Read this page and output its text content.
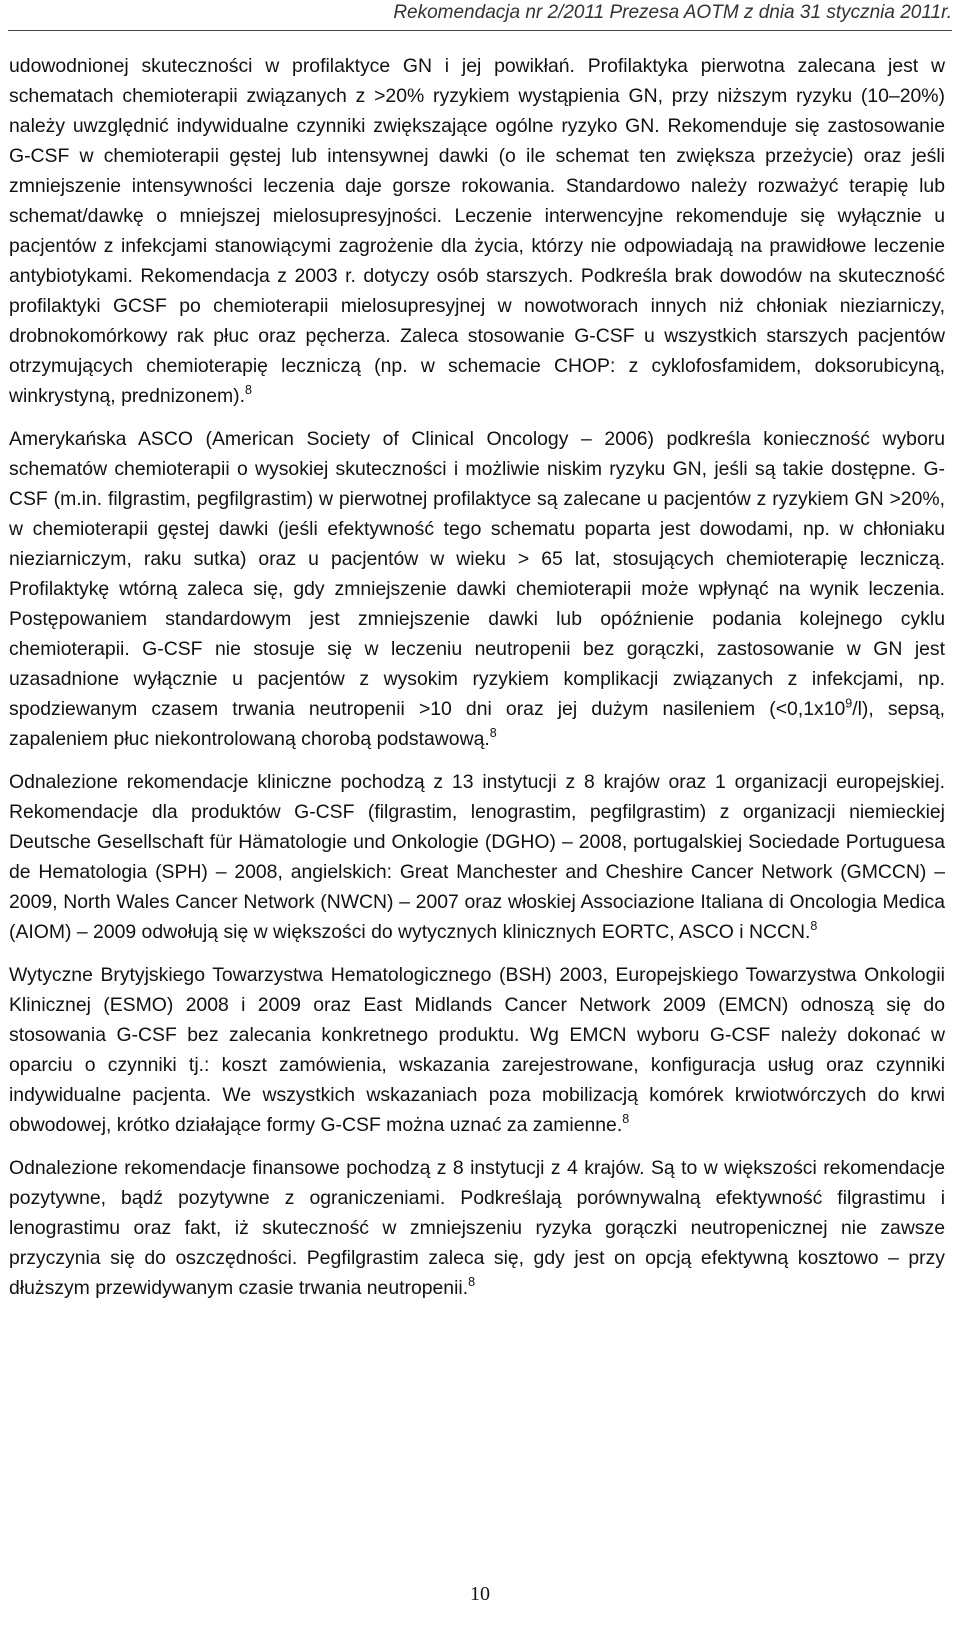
Rekomendacja nr 2/2011 Prezesa AOTM z dnia 31 stycznia 2011r.

udowodnionej skuteczności w profilaktyce GN i jej powikłań. Profilaktyka pierwotna zalecana jest w schematach chemioterapii związanych z >20% ryzykiem wystąpienia GN, przy niższym ryzyku (10–20%) należy uwzględnić indywidualne czynniki zwiększające ogólne ryzyko GN. Rekomenduje się zastosowanie G-CSF w chemioterapii gęstej lub intensywnej dawki (o ile schemat ten zwiększa przeżycie) oraz jeśli zmniejszenie intensywności leczenia daje gorsze rokowania. Standardowo należy rozważyć terapię lub schemat/dawkę o mniejszej mielosupresyjności. Leczenie interwencyjne rekomenduje się wyłącznie u pacjentów z infekcjami stanowiącymi zagrożenie dla życia, którzy nie odpowiadają na prawidłowe leczenie antybiotykami. Rekomendacja z 2003 r. dotyczy osób starszych. Podkreśla brak dowodów na skuteczność profilaktyki GCSF po chemioterapii mielosupresyjnej w nowotworach innych niż chłoniak nieziarniczy, drobnokomórkowy rak płuc oraz pęcherza. Zaleca stosowanie G-CSF u wszystkich starszych pacjentów otrzymujących chemioterapię leczniczą (np. w schemacie CHOP: z cyklofosfamidem, doksorubicyną, winkrystyną, prednizonem).$^8$

Amerykańska ASCO (American Society of Clinical Oncology – 2006) podkreśla konieczność wyboru schematów chemioterapii o wysokiej skuteczności i możliwie niskim ryzyku GN, jeśli są takie dostępne. G-CSF (m.in. filgrastim, pegfilgrastim) w pierwotnej profilaktyce są zalecane u pacjentów z ryzykiem GN >20%, w chemioterapii gęstej dawki (jeśli efektywność tego schematu poparta jest dowodami, np. w chłoniaku nieziarniczym, raku sutka) oraz u pacjentów w wieku > 65 lat, stosujących chemioterapię leczniczą. Profilaktykę wtórną zaleca się, gdy zmniejszenie dawki chemioterapii może wpłynąć na wynik leczenia. Postępowaniem standardowym jest zmniejszenie dawki lub opóźnienie podania kolejnego cyklu chemioterapii. G-CSF nie stosuje się w leczeniu neutropenii bez gorączki, zastosowanie w GN jest uzasadnione wyłącznie u pacjentów z wysokim ryzykiem komplikacji związanych z infekcjami, np. spodziewanym czasem trwania neutropenii >10 dni oraz jej dużym nasileniem $(<0,1x10^9/l)$, sepsą, zapaleniem płuc niekontrolowaną chorobą podstawową.$^8$

Odnalezione rekomendacje kliniczne pochodzą z 13 instytucji z 8 krajów oraz 1 organizacji europejskiej. Rekomendacje dla produktów G-CSF (filgrastim, lenograstim, pegfilgrastim) z organizacji niemieckiej Deutsche Gesellschaft für Hämatologie und Onkologie (DGHO) – 2008, portugalskiej Sociedade Portuguesa de Hematologia (SPH) – 2008, angielskich: Great Manchester and Cheshire Cancer Network (GMCCN) – 2009, North Wales Cancer Network (NWCN) – 2007 oraz włoskiej Associazione Italiana di Oncologia Medica (AIOM) – 2009 odwołują się w większości do wytycznych klinicznych EORTC, ASCO i NCCN.$^8$

Wytyczne Brytyjskiego Towarzystwa Hematologicznego (BSH) 2003, Europejskiego Towarzystwa Onkologii Klinicznej (ESMO) 2008 i 2009 oraz East Midlands Cancer Network 2009 (EMCN) odnoszą się do stosowania G-CSF bez zalecania konkretnego produktu. Wg EMCN wyboru G-CSF należy dokonać w oparciu o czynniki tj.: koszt zamówienia, wskazania zarejestrowane, konfiguracja usług oraz czynniki indywidualne pacjenta. We wszystkich wskazaniach poza mobilizacją komórek krwiotwórczych do krwi obwodowej, krótko działające formy G-CSF można uznać za zamienne.$^8$

Odnalezione rekomendacje finansowe pochodzą z 8 instytucji z 4 krajów. Są to w większości rekomendacje pozytywne, bądź pozytywne z ograniczeniami. Podkreślają porównywalną efektywność filgrastimu i lenograstimu oraz fakt, iż skuteczność w zmniejszeniu ryzyka gorączki neutropenicznej nie zawsze przyczynia się do oszczędności. Pegfilgrastim zaleca się, gdy jest on opcją efektywną kosztowo – przy dłuższym przewidywanym czasie trwania neutropenii.$^8$

10
